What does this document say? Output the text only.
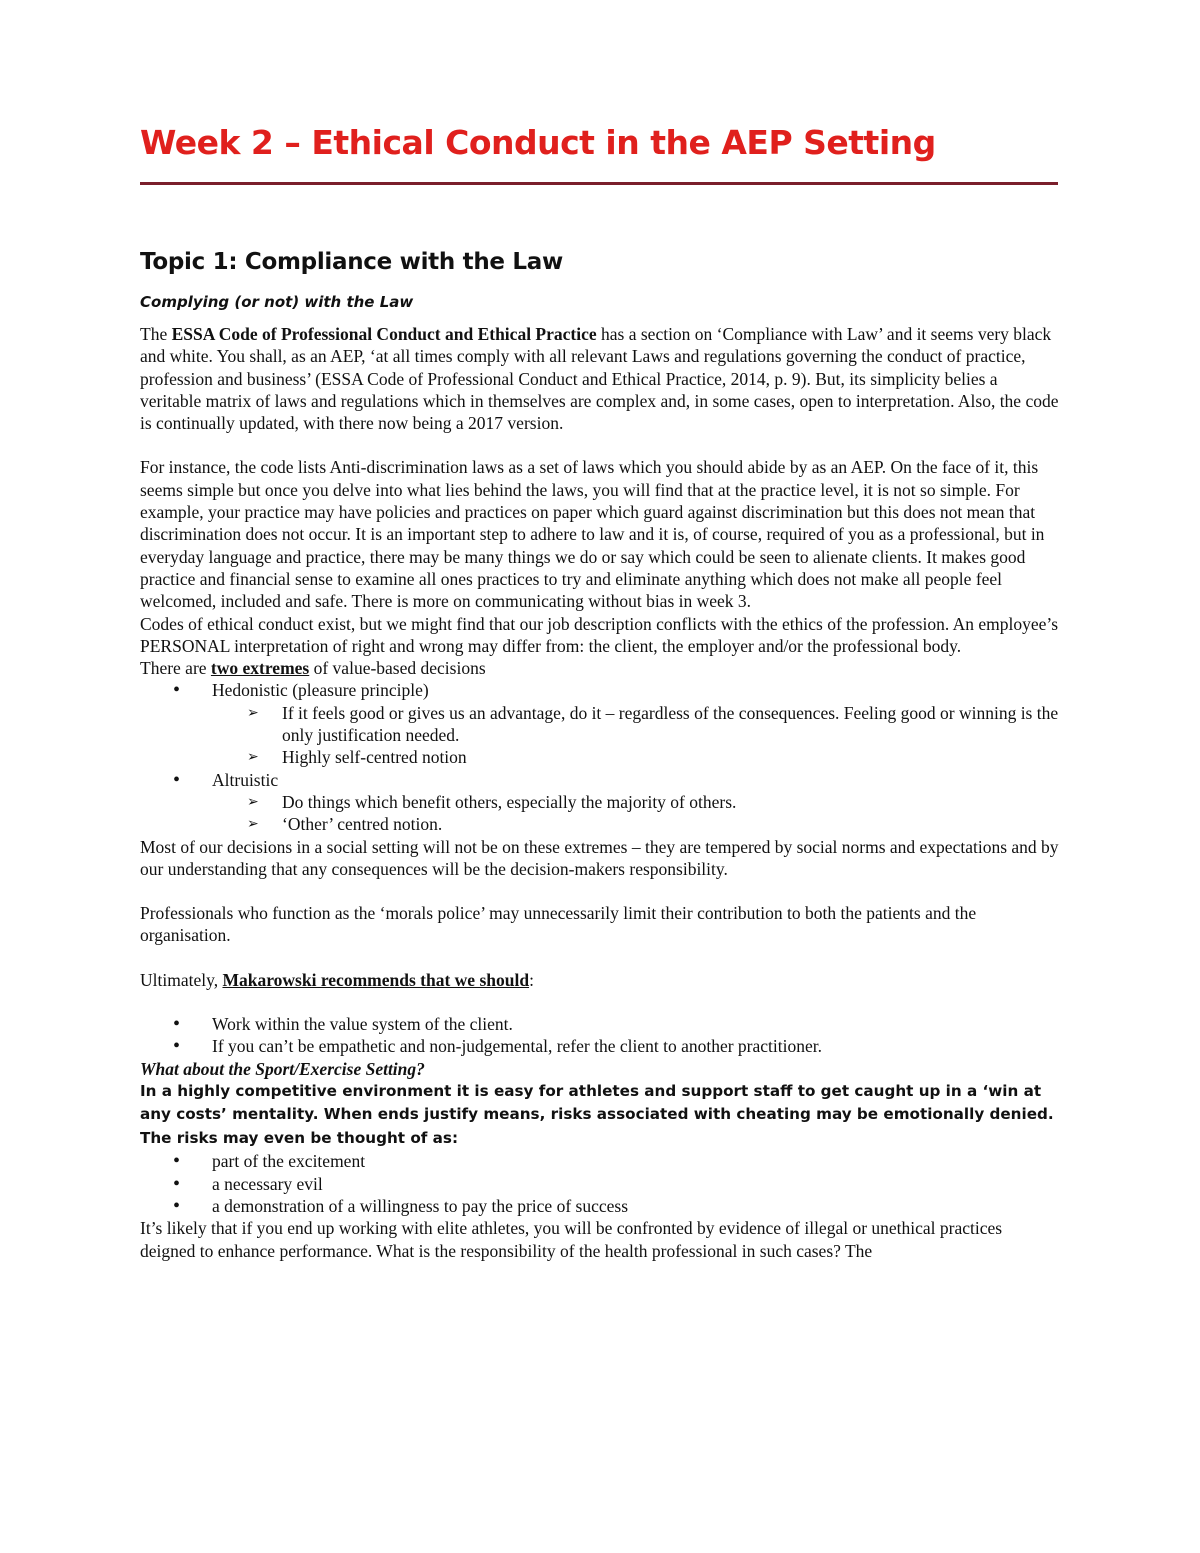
Week 2 – Ethical Conduct in the AEP Setting
Topic 1: Compliance with the Law
Complying (or not) with the Law

The ESSA Code of Professional Conduct and Ethical Practice has a section on ‘Compliance with Law’ and it seems very black and white. You shall, as an AEP, ‘at all times comply with all relevant Laws and regulations governing the conduct of practice, profession and business’ (ESSA Code of Professional Conduct and Ethical Practice, 2014, p. 9). But, its simplicity belies a veritable matrix of laws and regulations which in themselves are complex and, in some cases, open to interpretation. Also, the code is continually updated, with there now being a 2017 version.

For instance, the code lists Anti-discrimination laws as a set of laws which you should abide by as an AEP. On the face of it, this seems simple but once you delve into what lies behind the laws, you will find that at the practice level, it is not so simple. For example, your practice may have policies and practices on paper which guard against discrimination but this does not mean that discrimination does not occur. It is an important step to adhere to law and it is, of course, required of you as a professional, but in everyday language and practice, there may be many things we do or say which could be seen to alienate clients. It makes good practice and financial sense to examine all ones practices to try and eliminate anything which does not make all people feel welcomed, included and safe. There is more on communicating without bias in week 3.

Codes of ethical conduct exist, but we might find that our job description conflicts with the ethics of the profession. An employee’s PERSONAL interpretation of right and wrong may differ from: the client, the employer and/or the professional body.

There are two extremes of value-based decisions

• Hedonistic (pleasure principle)
➢ If it feels good or gives us an advantage, do it – regardless of the consequences. Feeling good or winning is the only justification needed.
➢ Highly self-centred notion
• Altruistic
➢ Do things which benefit others, especially the majority of others.
➢ ‘Other’ centred notion.

Most of our decisions in a social setting will not be on these extremes – they are tempered by social norms and expectations and by our understanding that any consequences will be the decision-makers responsibility.

Professionals who function as the ‘morals police’ may unnecessarily limit their contribution to both the patients and the organisation.

Ultimately, Makarowski recommends that we should:

• Work within the value system of the client.
• If you can’t be empathetic and non-judgemental, refer the client to another practitioner.

What about the Sport/Exercise Setting?

In a highly competitive environment it is easy for athletes and support staff to get caught up in a ‘win at any costs’ mentality. When ends justify means, risks associated with cheating may be emotionally denied. The risks may even be thought of as:

• part of the excitement
• a necessary evil
• a demonstration of a willingness to pay the price of success

It’s likely that if you end up working with elite athletes, you will be confronted by evidence of illegal or unethical practices deigned to enhance performance. What is the responsibility of the health professional in such cases? The
